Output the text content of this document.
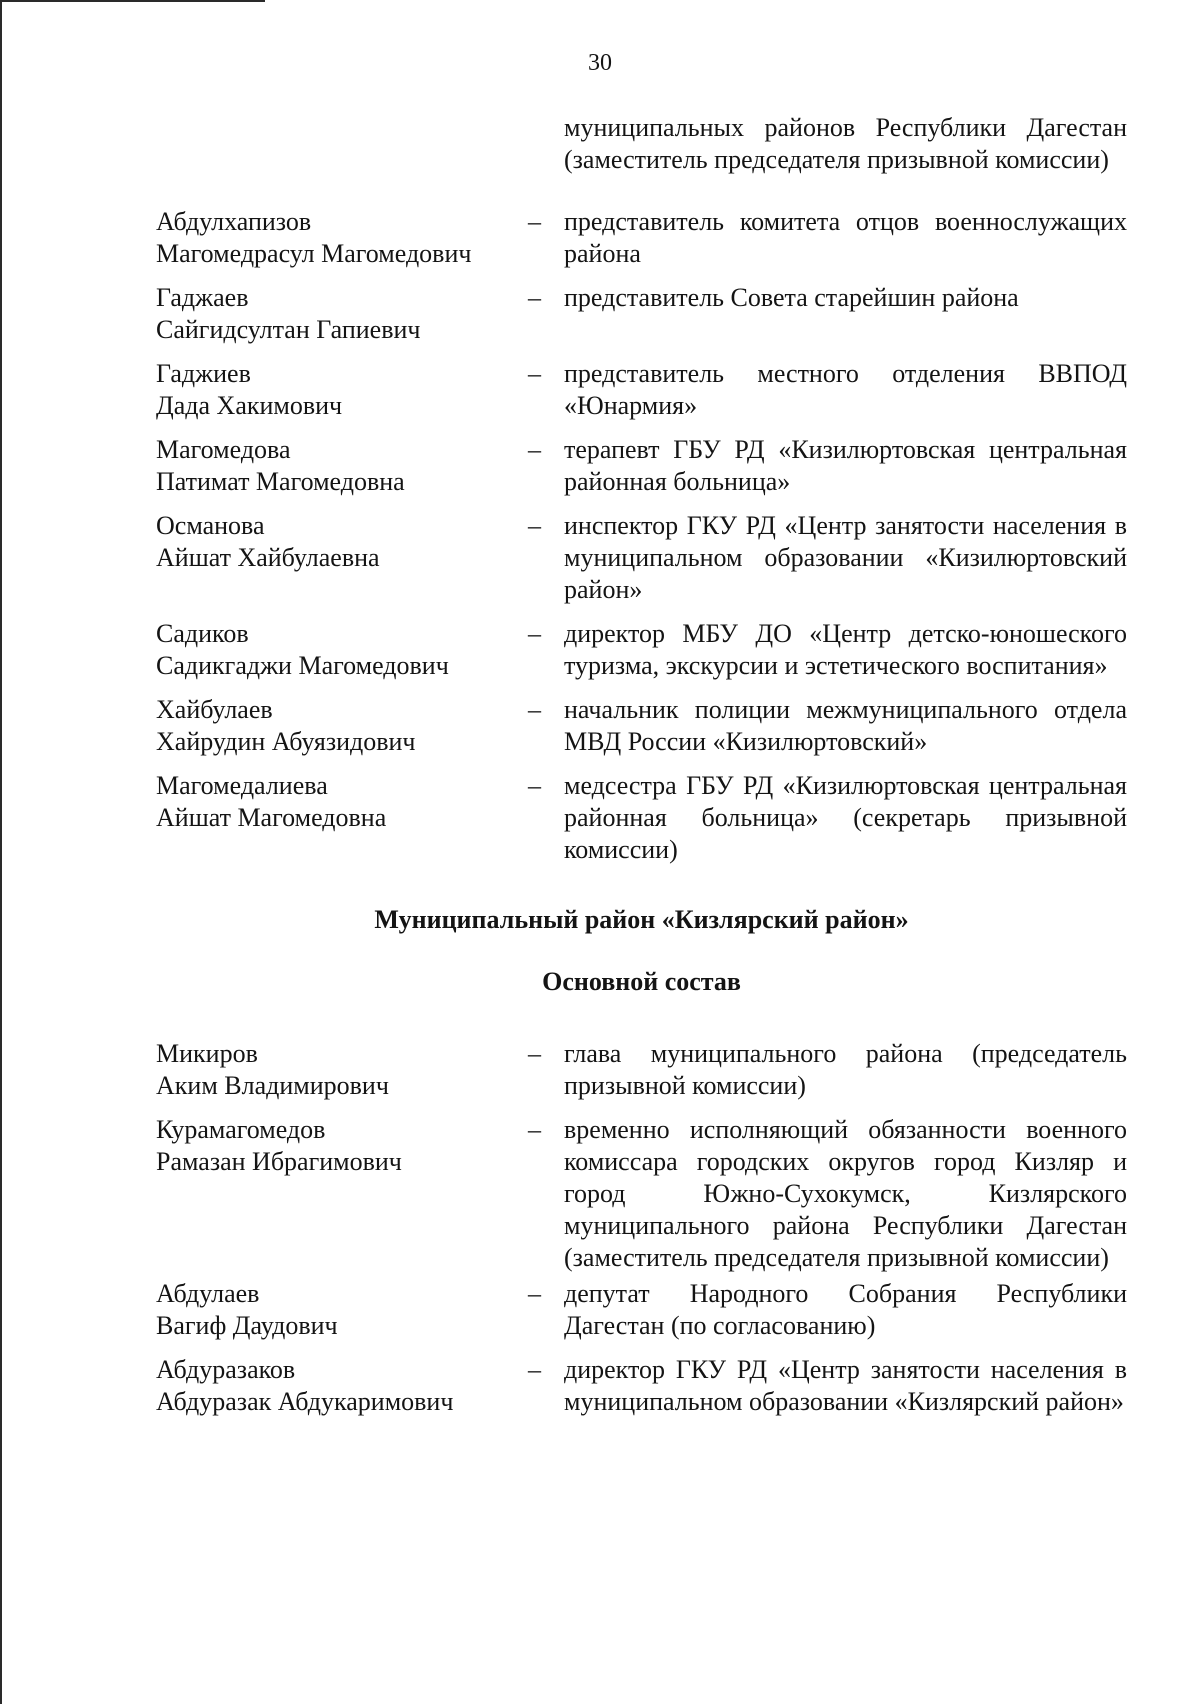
30
муниципальных районов Республики Дагестан (заместитель председателя призывной комиссии)
Абдулхапизов
Магомедрасул Магомедович
– представитель комитета отцов военнослужащих района
Гаджаев
Сайгидсултан Гапиевич
– представитель Совета старейшин района
Гаджиев
Дада Хакимович
– представитель местного отделения ВВПОД «Юнармия»
Магомедова
Патимат Магомедовна
– терапевт ГБУ РД «Кизилюртовская центральная районная больница»
Османова
Айшат Хайбулаевна
– инспектор ГКУ РД «Центр занятости населения в муниципальном образовании «Кизилюртовский район»
Садиков
Садикгаджи Магомедович
– директор МБУ ДО «Центр детско-юношеского туризма, экскурсии и эстетического воспитания»
Хайбулаев
Хайрудин Абуязидович
– начальник полиции межмуниципального отдела МВД России «Кизилюртовский»
Магомедалиева
Айшат Магомедовна
– медсестра ГБУ РД «Кизилюртовская центральная районная больница» (секретарь призывной комиссии)
Муниципальный район «Кизлярский район»
Основной состав
Микиров
Аким Владимирович
– глава муниципального района (председатель призывной комиссии)
Курамагомедов
Рамазан Ибрагимович
– временно исполняющий обязанности военного комиссара городских округов город Кизляр и город Южно-Сухокумск, Кизлярского муниципального района Республики Дагестан (заместитель председателя призывной комиссии)
Абдулаев
Вагиф Даудович
– депутат Народного Собрания Республики Дагестан (по согласованию)
Абдуразаков
Абдуразак Абдукаримович
– директор ГКУ РД «Центр занятости населения в муниципальном образовании «Кизлярский район»
